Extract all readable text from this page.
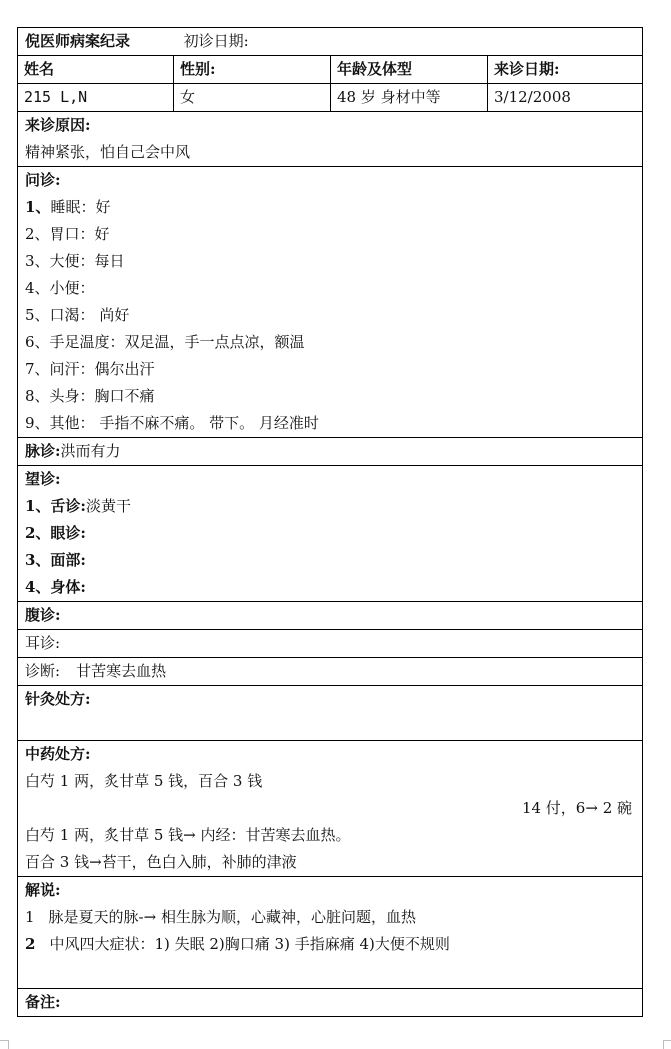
倪医师病案纪录	初诊日期:
姓名	性别:	年龄及体型	来诊日期:
215 L,N	女	48 岁 身材中等	3/12/2008
来诊原因:
精神紧张，怕自己会中风
问诊:
1、睡眠：好
2、胃口：好
3、大便：每日
4、小便：
5、口渴： 尚好
6、手足温度：双足温，手一点点凉，额温
7、问汗：偶尔出汗
8、头身：胸口不痛
9、其他： 手指不麻不痛。 带下。 月经准时
脉诊:洪而有力
望诊:
1、舌诊:淡黄干
2、眼诊:
3、面部:
4、身体:
腹诊:
耳诊:
诊断: 甘苦寒去血热
针灸处方:
中药处方:
白芍 1 两，炙甘草 5 钱，百合 3 钱
14 付，6→ 2 碗
白芍 1 两，炙甘草 5 钱→ 内经：甘苦寒去血热。
百合 3 钱→苔干，色白入肺，补肺的津液
解说:
1 脉是夏天的脉-→ 相生脉为顺，心藏神，心脏问题，血热
2 中风四大症状：1) 失眠 2)胸口痛 3) 手指麻痛 4)大便不规则
备注:
